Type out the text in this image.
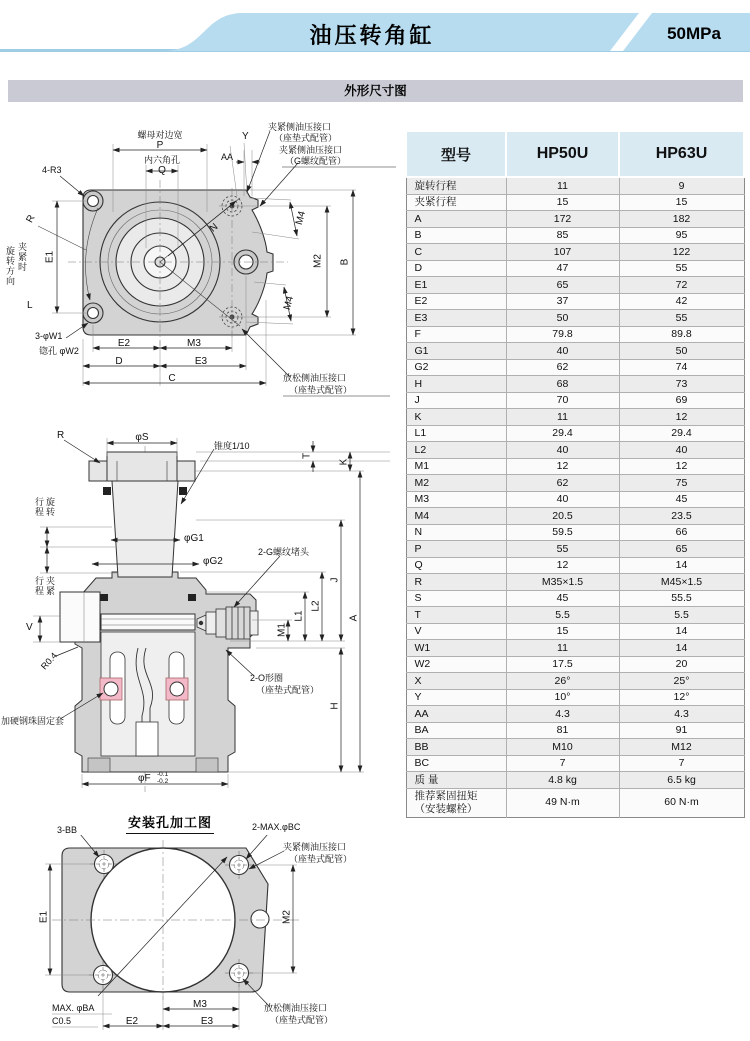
油压转角缸	50MPa
外形尺寸图
型号	HP50U	HP63U
旋转行程	11	9
夹紧行程	15	15
A	172	182
B	85	95
C	107	122
D	47	55
E1	65	72
E2	37	42
E3	50	55
F	79.8	89.8
G1	40	50
G2	62	74
H	68	73
J	70	69
K	11	12
L1	29.4	29.4
L2	40	40
M1	12	12
M2	62	75
M3	40	45
M4	20.5	23.5
N	59.5	66
P	55	65
Q	12	14
R	M35×1.5	M45×1.5
S	45	55.5
T	5.5	5.5
V	15	14
W1	11	14
W2	17.5	20
X	26°	25°
Y	10°	12°
AA	4.3	4.3
BA	81	91
BB	M10	M12
BC	7	7
质 量	4.8 kg	6.5 kg

推荐紧固扭矩
（安装螺栓）	49 N·m	60 N·m
螺母对边宽
P
内六角孔
Q
AA
Y
4-R3
R
E1
夹紧时
旋转方向
L
3-φW1
锪孔 φW2
E2	M3
D	E3
C
N
M4
M4
M2 B
夹紧侧油压接口
（座垫式配管）
夹紧侧油压接口
（G螺纹配管）
放松侧油压接口
（座垫式配管）
R	φS
锥度1/10
T
K
旋转
行程
夹紧
行程
φG1
φG2
2-G螺纹堵头
V
R0.4
加硬钢珠固定套
2-O形圈
（座垫式配管）
M1
L1
L2
J
A
H
φF -0.1
-0.2
安装孔加工图
3-BB	2-MAX.φBC
夹紧侧油压接口
（座垫式配管）
E1	M2
MAX. φBA
C0.5	E2
M3
E3
放松侧油压接口
（座垫式配管）
